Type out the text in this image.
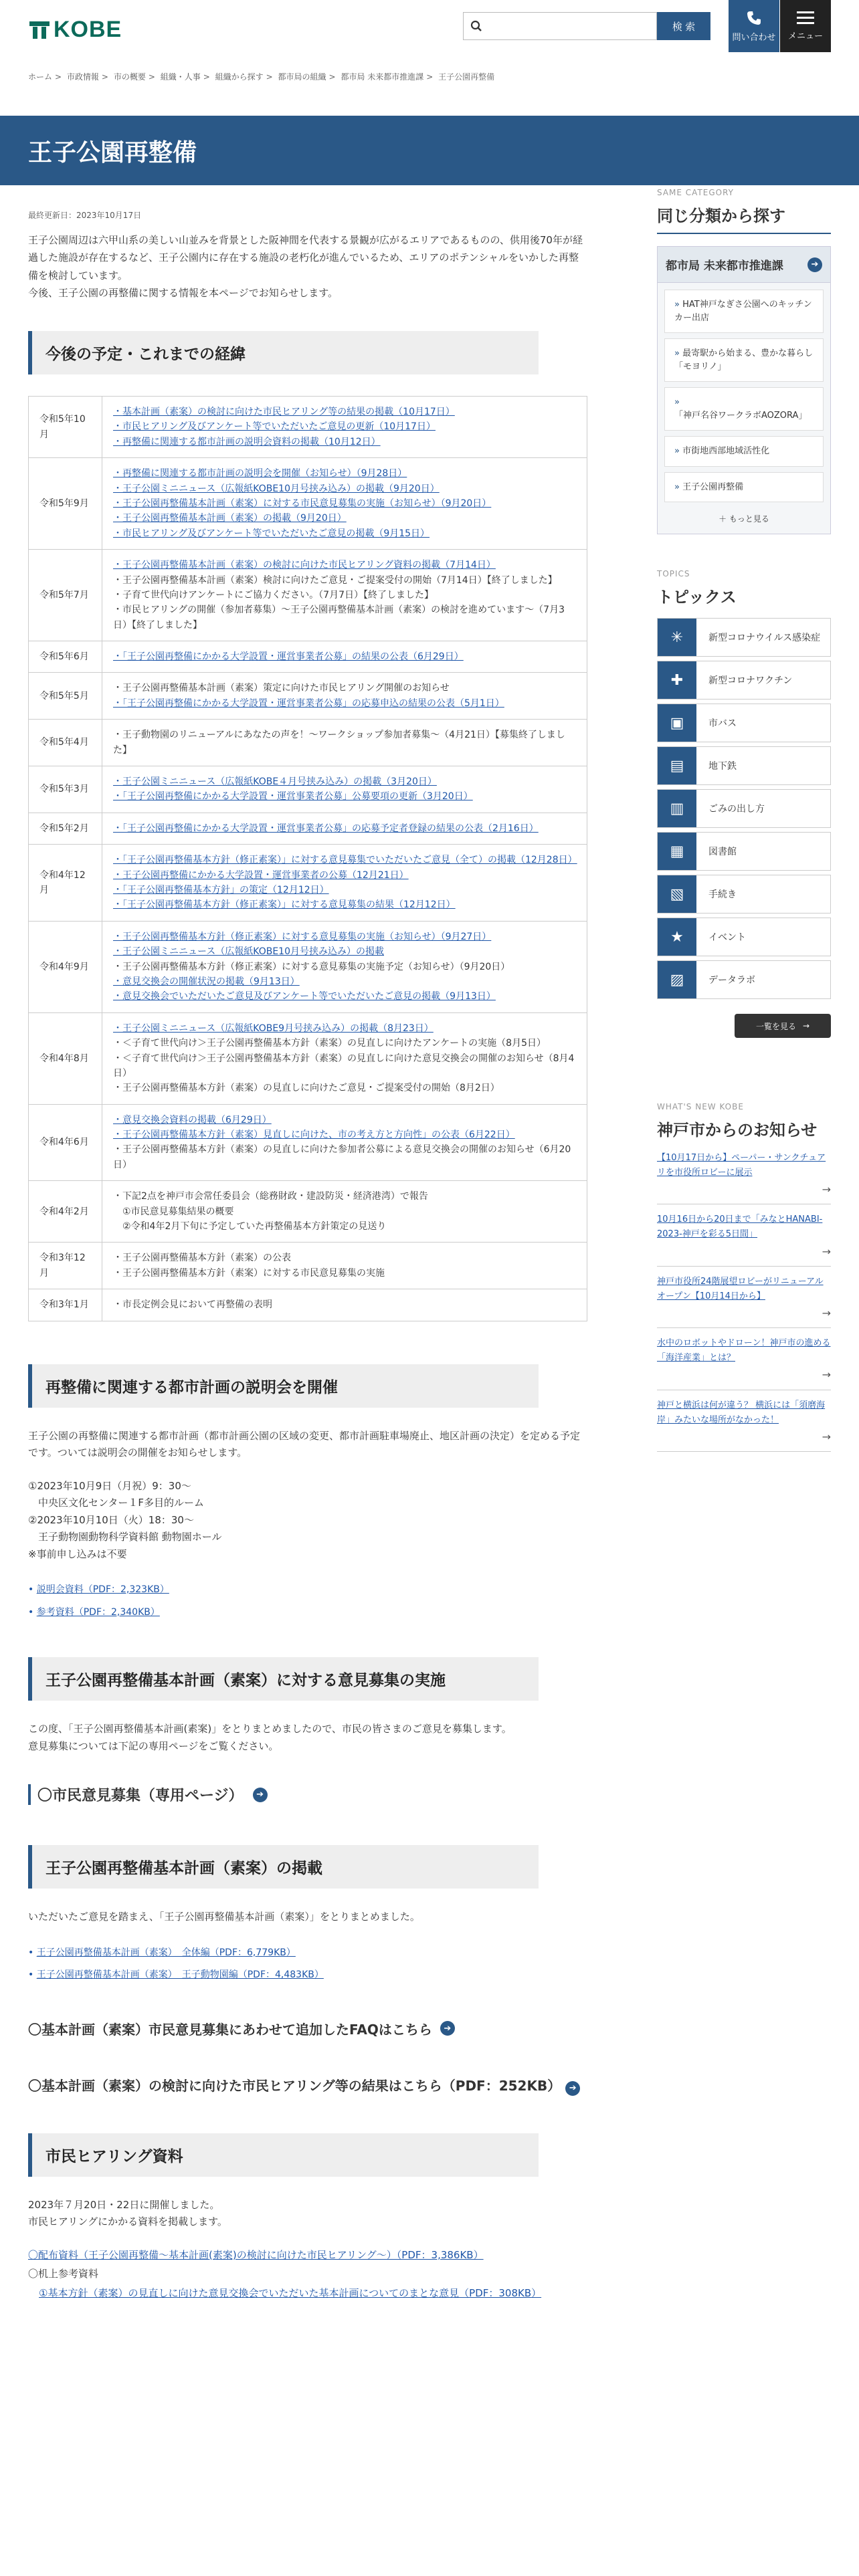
KOBE	検 索
問い合わせ メニュー
ホーム > 市政情報 > 市の概要 > 組織・人事 > 組織から探す > 都市局の組織 > 都市局 未来都市推進課 > 王子公園再整備
王子公園再整備
最終更新日：2023年10月17日
王子公園周辺は六甲山系の美しい山並みを背景とした阪神間を代表する景観が広がるエリアであるものの、供用後70年が経過した施設が存在するなど、王子公園内に存在する施設の老朽化が進んでいるため、エリアのポテンシャルをいかした再整備を検討しています。
今後、王子公園の再整備に関する情報を本ページでお知らせします。
今後の予定・これまでの経緯
令和5年10月	・基本計画（素案）の検討に向けた市民ヒアリング等の結果の掲載（10月17日）
・市民ヒアリング及びアンケート等でいただいたご意見の更新（10月17日）
・再整備に関連する都市計画の説明会資料の掲載（10月12日）

令和5年9月	・再整備に関連する都市計画の説明会を開催（お知らせ）（9月28日）
・王子公園ミニニュース（広報紙KOBE10月号挟み込み）の掲載（9月20日）
・王子公園再整備基本計画（素案）に対する市民意見募集の実施（お知らせ）（9月20日）
・王子公園再整備基本計画（素案）の掲載（9月20日）
・市民ヒアリング及びアンケート等でいただいたご意見の掲載（9月15日）

令和5年7月	・王子公園再整備基本計画（素案）の検討に向けた市民ヒアリング資料の掲載（7月14日）
・王子公園再整備基本計画（素案）検討に向けたご意見・ご提案受付の開始（7月14日）【終了しました】
・子育て世代向けアンケートにご協力ください。（7月7日）【終了しました】
・市民ヒアリングの開催（参加者募集）～王子公園再整備基本計画（素案）の検討を進めています～（7月3日）【終了しました】

令和5年6月	・「王子公園再整備にかかる大学設置・運営事業者公募」の結果の公表（6月29日）

令和5年5月	・王子公園再整備基本計画（素案）策定に向けた市民ヒアリング開催のお知らせ
・「王子公園再整備にかかる大学設置・運営事業者公募」の応募申込の結果の公表（5月1日）

令和5年4月	・王子動物園のリニューアルにあなたの声を！～ワークショップ参加者募集～（4月21日）【募集終了しました】

令和5年3月	・王子公園ミニニュース（広報紙KOBE４月号挟み込み）の掲載（3月20日）
・「王子公園再整備にかかる大学設置・運営事業者公募」公募要項の更新（3月20日）

令和5年2月	・「王子公園再整備にかかる大学設置・運営事業者公募」の応募予定者登録の結果の公表（2月16日）

令和4年12月	・「王子公園再整備基本方針（修正素案）」に対する意見募集でいただいたご意見（全て）の掲載（12月28日）
・王子公園再整備にかかる大学設置・運営事業者の公募（12月21日）
・「王子公園再整備基本方針」の策定（12月12日）
・「王子公園再整備基本方針（修正素案）」に対する意見募集の結果（12月12日）

令和4年9月	・王子公園再整備基本方針（修正素案）に対する意見募集の実施（お知らせ）（9月27日）
・王子公園ミニニュース（広報紙KOBE10月号挟み込み）の掲載
・王子公園再整備基本方針（修正素案）に対する意見募集の実施予定（お知らせ）（9月20日）
・意見交換会の開催状況の掲載（9月13日）
・意見交換会でいただいたご意見及びアンケート等でいただいたご意見の掲載（9月13日）

令和4年8月	・王子公園ミニニュース（広報紙KOBE9月号挟み込み）の掲載（8月23日）
・＜子育て世代向け＞王子公園再整備基本方針（素案）の見直しに向けたアンケートの実施（8月5日）
・＜子育て世代向け＞王子公園再整備基本方針（素案）の見直しに向けた意見交換会の開催のお知らせ（8月4日）
・王子公園再整備基本方針（素案）の見直しに向けたご意見・ご提案受付の開始（8月2日）

令和4年6月	・意見交換会資料の掲載（6月29日）
・王子公園再整備基本方針（素案）見直しに向けた、市の考え方と方向性」の公表（6月22日）
・王子公園再整備基本方針（素案）の見直しに向けた参加者公募による意見交換会の開催のお知らせ（6月20日）

令和4年2月	・下記2点を神戸市会常任委員会（総務財政・建設防災・経済港湾）で報告
　①市民意見募集結果の概要
　②令和4年2月下旬に予定していた再整備基本方針策定の見送り

令和3年12月	・王子公園再整備基本方針（素案）の公表
・王子公園再整備基本方針（素案）に対する市民意見募集の実施

令和3年1月	・市長定例会見において再整備の表明
再整備に関連する都市計画の説明会を開催
王子公園の再整備に関連する都市計画（都市計画公園の区域の変更、都市計画駐車場廃止、地区計画の決定）を定める予定です。ついては説明会の開催をお知らせします。
①2023年10月9日（月祝）9：30～
　中央区文化センター１F多目的ルーム
②2023年10月10日（火）18：30～
　王子動物園動物科学資料館 動物園ホール
※事前申し込みは不要
• 説明会資料（PDF：2,323KB）
• 参考資料（PDF：2,340KB）
王子公園再整備基本計画（素案）に対する意見募集の実施
この度、「王子公園再整備基本計画(素案)」をとりまとめましたので、市民の皆さまのご意見を募集します。
意見募集については下記の専用ページをご覧ください。
〇市民意見募集（専用ページ）	➔
王子公園再整備基本計画（素案）の掲載
いただいたご意見を踏まえ、「王子公園再整備基本計画（素案）」をとりまとめました。
• 王子公園再整備基本計画（素案）　全体編（PDF：6,779KB）
• 王子公園再整備基本計画（素案）　王子動物園編（PDF：4,483KB）
〇基本計画（素案）市民意見募集にあわせて追加したFAQはこちら	➔
〇基本計画（素案）の検討に向けた市民ヒアリング等の結果はこちら（PDF：252KB） ➔
市民ヒアリング資料
2023年７月20日・22日に開催しました。
市民ヒアリングにかかる資料を掲載します。
〇配布資料（王子公園再整備～基本計画(素案)の検討に向けた市民ヒアリング～）（PDF：3,386KB）
〇机上参考資料
①基本方針（素案）の見直しに向けた意見交換会でいただいた基本計画についてのまとな意見（PDF：308KB）
SAME CATEGORY
同じ分類から探す
都市局 未来都市推進課	➔
» HAT神戸なぎさ公園へのキッチンカー出店
» 最寄駅から始まる、豊かな暮らし「モヨリノ」
» 「神戸名谷ワークラボAOZORA」
» 市街地西部地域活性化
» 王子公園再整備
＋ もっと見る
TOPICS
トピックス
✳	新型コロナウイルス感染症
✚	新型コロナワクチン
▣	市バス
▤	地下鉄
▥	ごみの出し方
▦	図書館
▧	手続き
★	イベント
▨	データラボ
一覧を見る →
WHAT'S NEW KOBE
神戸市からのお知らせ
【10月17日から】ペーパー・サンクチュアリを市役所ロビーに展示
→
10月16日から20日まで「みなとHANABI-2023-神戸を彩る5日間」
→
神戸市役所24階展望ロビーがリニューアルオープン【10月14日から】
→
水中のロボットやドローン！神戸市の進める「海洋産業」とは？
→
神戸と横浜は何が違う？ 横浜には「須磨海岸」みたいな場所がなかった！
→
